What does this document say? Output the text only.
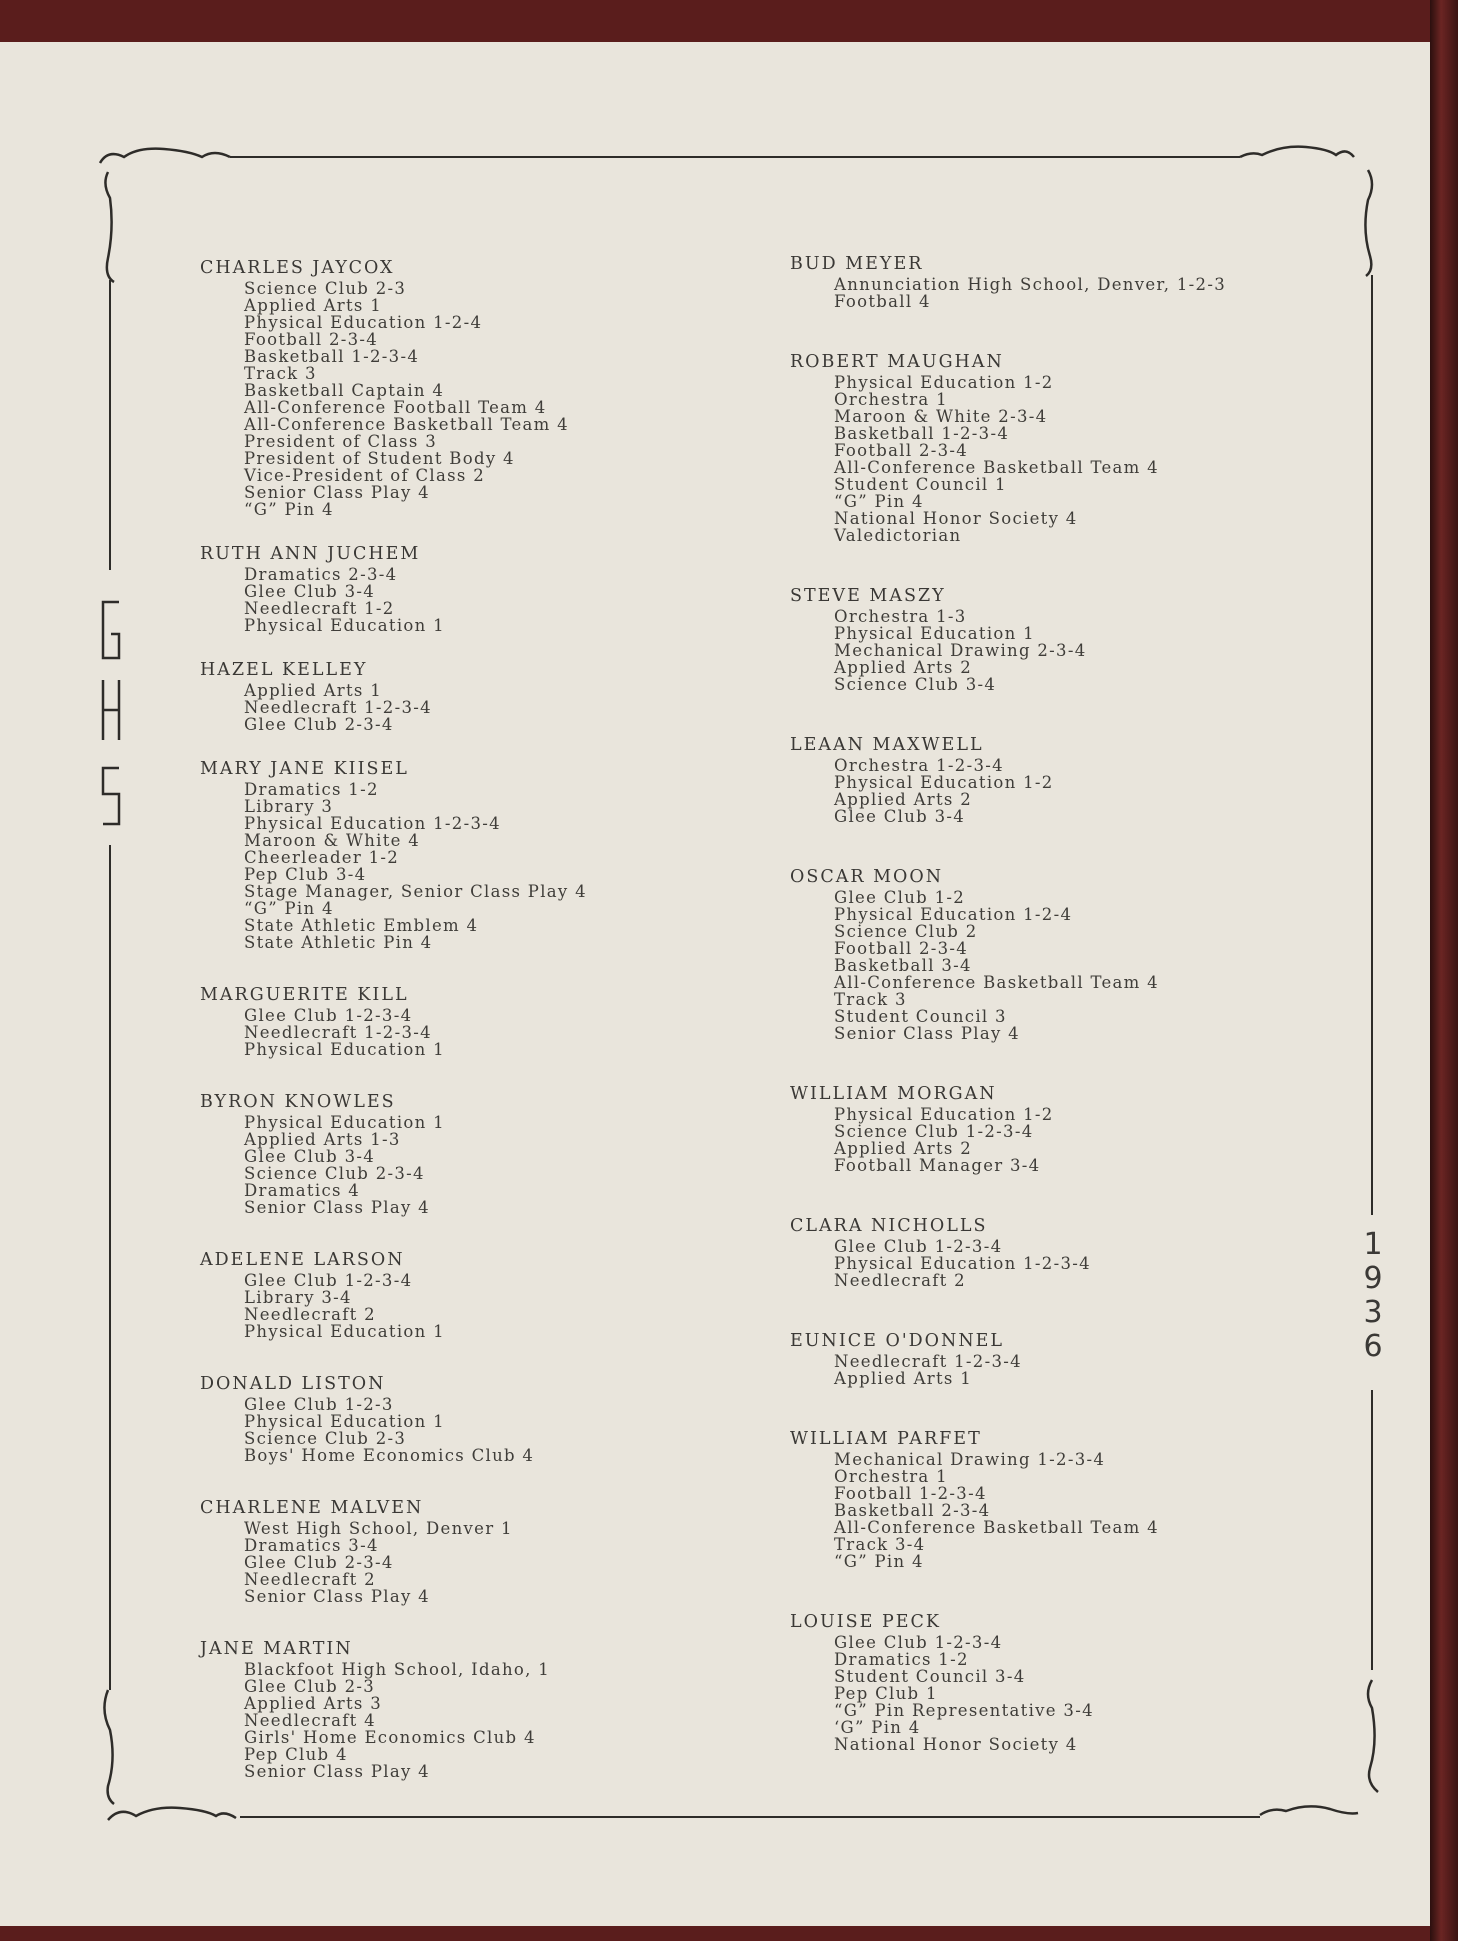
1
9
3
6
CHARLES JAYCOX
Science Club 2-3
Applied Arts 1
Physical Education 1-2-4
Football 2-3-4
Basketball 1-2-3-4
Track 3
Basketball Captain 4
All-Conference Football Team 4
All-Conference Basketball Team 4
President of Class 3
President of Student Body 4
Vice-President of Class 2
Senior Class Play 4
“G” Pin 4
RUTH ANN JUCHEM
Dramatics 2-3-4
Glee Club 3-4
Needlecraft 1-2
Physical Education 1
HAZEL KELLEY
Applied Arts 1
Needlecraft 1-2-3-4
Glee Club 2-3-4
MARY JANE KIISEL
Dramatics 1-2
Library 3
Physical Education 1-2-3-4
Maroon & White 4
Cheerleader 1-2
Pep Club 3-4
Stage Manager, Senior Class Play 4
“G” Pin 4
State Athletic Emblem 4
State Athletic Pin 4
MARGUERITE KILL
Glee Club 1-2-3-4
Needlecraft 1-2-3-4
Physical Education 1
BYRON KNOWLES
Physical Education 1
Applied Arts 1-3
Glee Club 3-4
Science Club 2-3-4
Dramatics 4
Senior Class Play 4
ADELENE LARSON
Glee Club 1-2-3-4
Library 3-4
Needlecraft 2
Physical Education 1
DONALD LISTON
Glee Club 1-2-3
Physical Education 1
Science Club 2-3
Boys' Home Economics Club 4
CHARLENE MALVEN
West High School, Denver 1
Dramatics 3-4
Glee Club 2-3-4
Needlecraft 2
Senior Class Play 4
JANE MARTIN
Blackfoot High School, Idaho, 1
Glee Club 2-3
Applied Arts 3
Needlecraft 4
Girls' Home Economics Club 4
Pep Club 4
Senior Class Play 4
BUD MEYER
Annunciation High School, Denver, 1-2-3
Football 4
ROBERT MAUGHAN
Physical Education 1-2
Orchestra 1
Maroon & White 2-3-4
Basketball 1-2-3-4
Football 2-3-4
All-Conference Basketball Team 4
Student Council 1
“G” Pin 4
National Honor Society 4
Valedictorian
STEVE MASZY
Orchestra 1-3
Physical Education 1
Mechanical Drawing 2-3-4
Applied Arts 2
Science Club 3-4
LEAAN MAXWELL
Orchestra 1-2-3-4
Physical Education 1-2
Applied Arts 2
Glee Club 3-4
OSCAR MOON
Glee Club 1-2
Physical Education 1-2-4
Science Club 2
Football 2-3-4
Basketball 3-4
All-Conference Basketball Team 4
Track 3
Student Council 3
Senior Class Play 4
WILLIAM MORGAN
Physical Education 1-2
Science Club 1-2-3-4
Applied Arts 2
Football Manager 3-4
CLARA NICHOLLS
Glee Club 1-2-3-4
Physical Education 1-2-3-4
Needlecraft 2
EUNICE O'DONNEL
Needlecraft 1-2-3-4
Applied Arts 1
WILLIAM PARFET
Mechanical Drawing 1-2-3-4
Orchestra 1
Football 1-2-3-4
Basketball 2-3-4
All-Conference Basketball Team 4
Track 3-4
“G” Pin 4
LOUISE PECK
Glee Club 1-2-3-4
Dramatics 1-2
Student Council 3-4
Pep Club 1
“G” Pin Representative 3-4
‘G” Pin 4
National Honor Society 4
